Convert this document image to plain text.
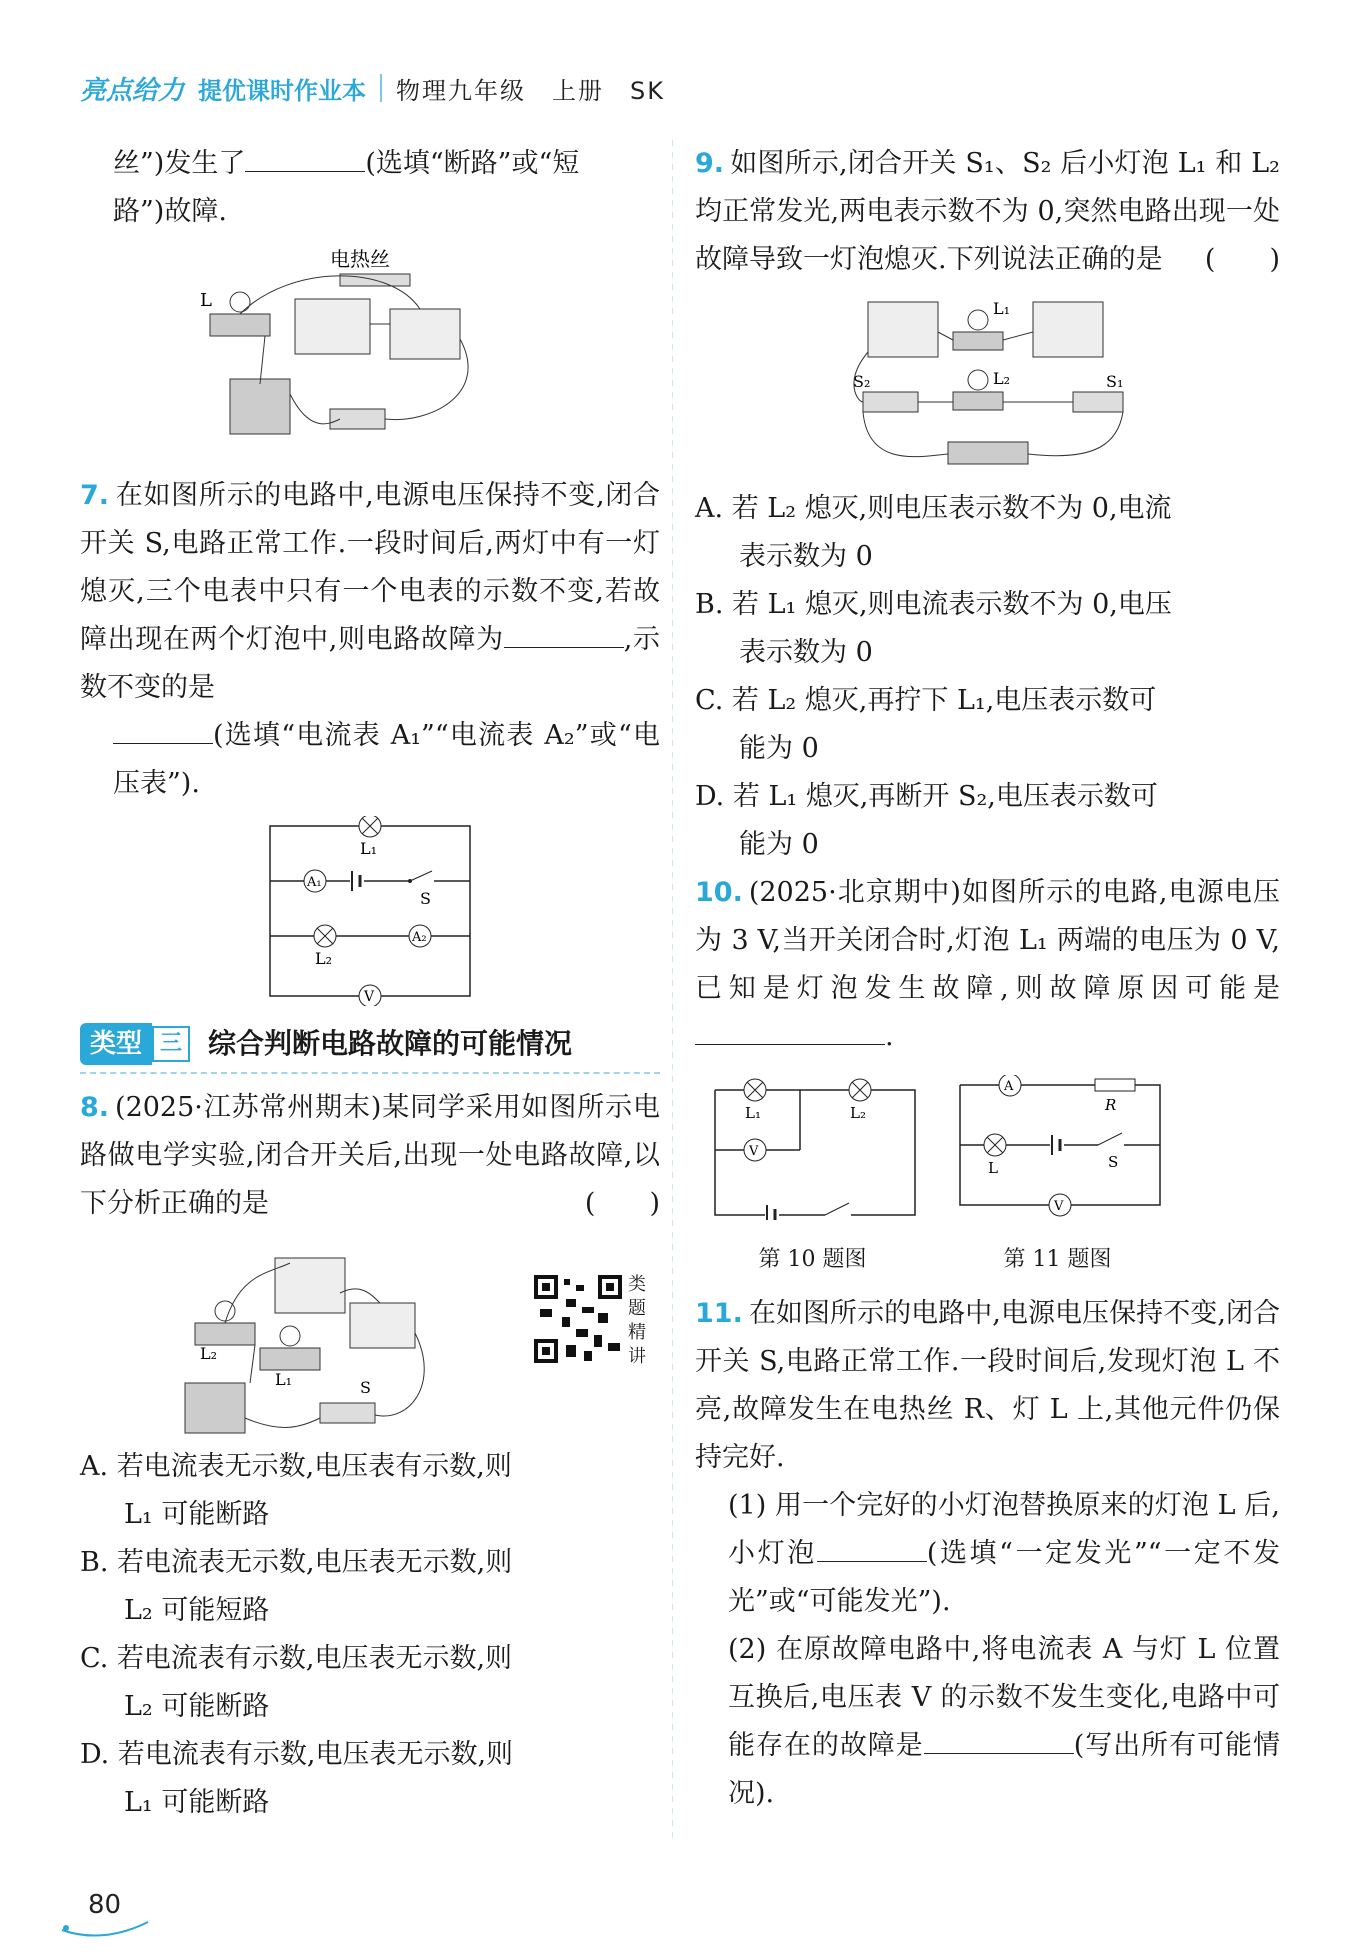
亮点给力 提优课时作业本 物理九年级　上册　SK

丝”)发生了	(选填“断路”或“短

路”)故障.

电热丝
L

7. 在如图所示的电路中,电源电压保持不变,闭合开关 S,电路正常工作.一段时间后,两灯中有一灯熄灭,三个电表中只有一个电表的示数不变,若故障出现在两个灯泡中,则电路故障为	,示数不变的是

(选填“电流表 A₁”“电流表 A₂”或“电压表”).

L₁
A₁
S
L₂
A₂
V
类型 三 综合判断电路故障的可能情况

8. (2025·江苏常州期末)某同学采用如图所示电路做电学实验,闭合开关后,出现一处电路故障,以下分析正确的是	(　　)

L₂
L₁	S
类题精讲

A. 若电流表无示数,电压表有示数,则

L₁ 可能断路

B. 若电流表无示数,电压表无示数,则

L₂ 可能短路

C. 若电流表有示数,电压表无示数,则

L₂ 可能断路

D. 若电流表有示数,电压表无示数,则

L₁ 可能断路

9. 如图所示,闭合开关 S₁、S₂ 后小灯泡 L₁ 和 L₂ 均正常发光,两电表示数不为 0,突然电路出现一处故障导致一灯泡熄灭.下列说法正确的是 (　　)

L₁
L₂
S₂	S₁

A. 若 L₂ 熄灭,则电压表示数不为 0,电流

表示数为 0

B. 若 L₁ 熄灭,则电流表示数不为 0,电压

表示数为 0

C. 若 L₂ 熄灭,再拧下 L₁,电压表示数可

能为 0

D. 若 L₁ 熄灭,再断开 S₂,电压表示数可

能为 0

10. (2025·北京期中)如图所示的电路,电源电压为 3 V,当开关闭合时,灯泡 L₁ 两端的电压为 0 V,已知是灯泡发生故障,则故障原因可能是.

L₁	L₂
V
第 10 题图
A
R
L	S
V
第 11 题图

11. 在如图所示的电路中,电源电压保持不变,闭合开关 S,电路正常工作.一段时间后,发现灯泡 L 不亮,故障发生在电热丝 R、灯 L 上,其他元件仍保持完好.

(1) 用一个完好的小灯泡替换原来的灯泡 L 后,小灯泡	(选填“一定发光”“一定不发光”或“可能发光”).

(2) 在原故障电路中,将电流表 A 与灯 L 位置互换后,电压表 V 的示数不发生变化,电路中可能存在的故障是	(写出所有可能情况).

80
